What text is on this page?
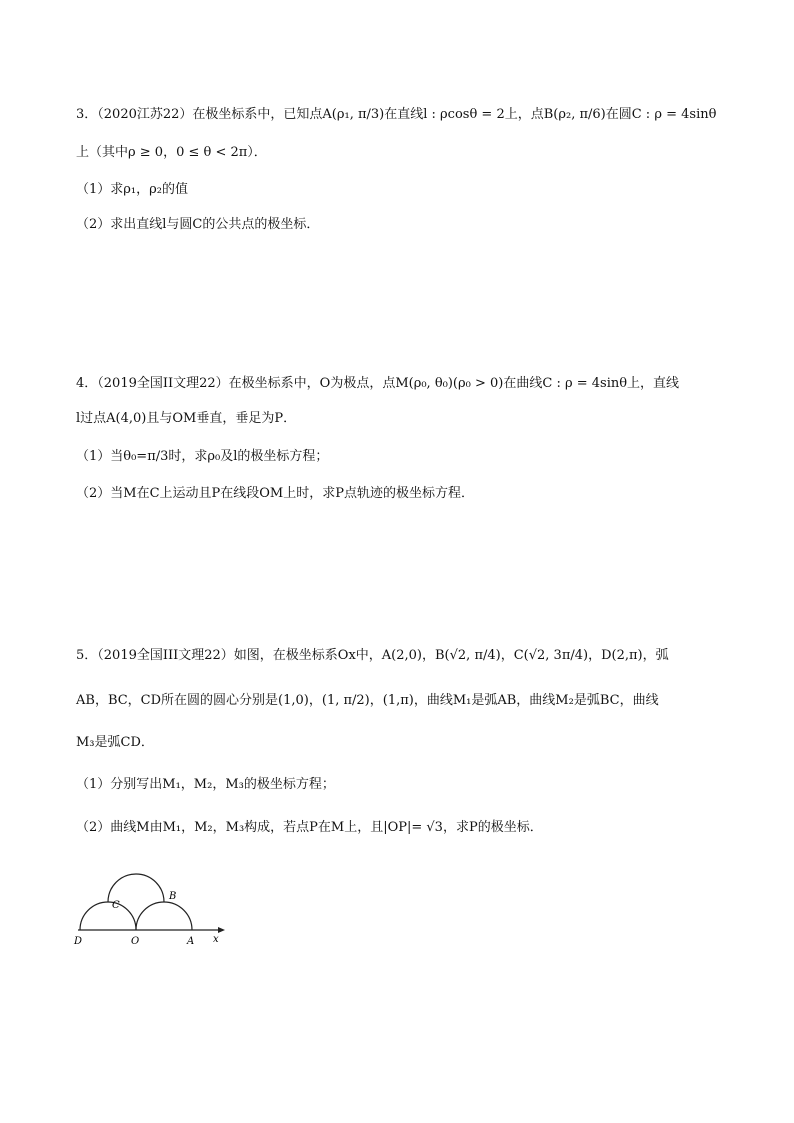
3．（2020江苏22）在极坐标系中，已知点A(ρ₁, π/3)在直线l : ρcosθ = 2上，点B(ρ₂, π/6)在圆C : ρ = 4sinθ
上（其中ρ ≥ 0，0 ≤ θ < 2π）．
（1）求ρ₁，ρ₂的值
（2）求出直线l与圆C的公共点的极坐标．
4．（2019全国II文理22）在极坐标系中，O为极点，点M(ρ₀, θ₀)(ρ₀ > 0)在曲线C : ρ = 4sinθ上，直线
l过点A(4,0)且与OM垂直，垂足为P．
（1）当θ₀=π/3时，求ρ₀及l的极坐标方程；
（2）当M在C上运动且P在线段OM上时，求P点轨迹的极坐标方程．
5．（2019全国III文理22）如图，在极坐标系Ox中，A(2,0)，B(√2, π/4)，C(√2, 3π/4)，D(2,π)，弧
AB，BC，CD所在圆的圆心分别是(1,0)，(1, π/2)，(1,π)，曲线M₁是弧AB，曲线M₂是弧BC，曲线
M₃是弧CD．
（1）分别写出M₁，M₂，M₃的极坐标方程；
（2）曲线M由M₁，M₂，M₃构成，若点P在M上，且|OP|= √3，求P的极坐标．
D	O	A x
C
B
